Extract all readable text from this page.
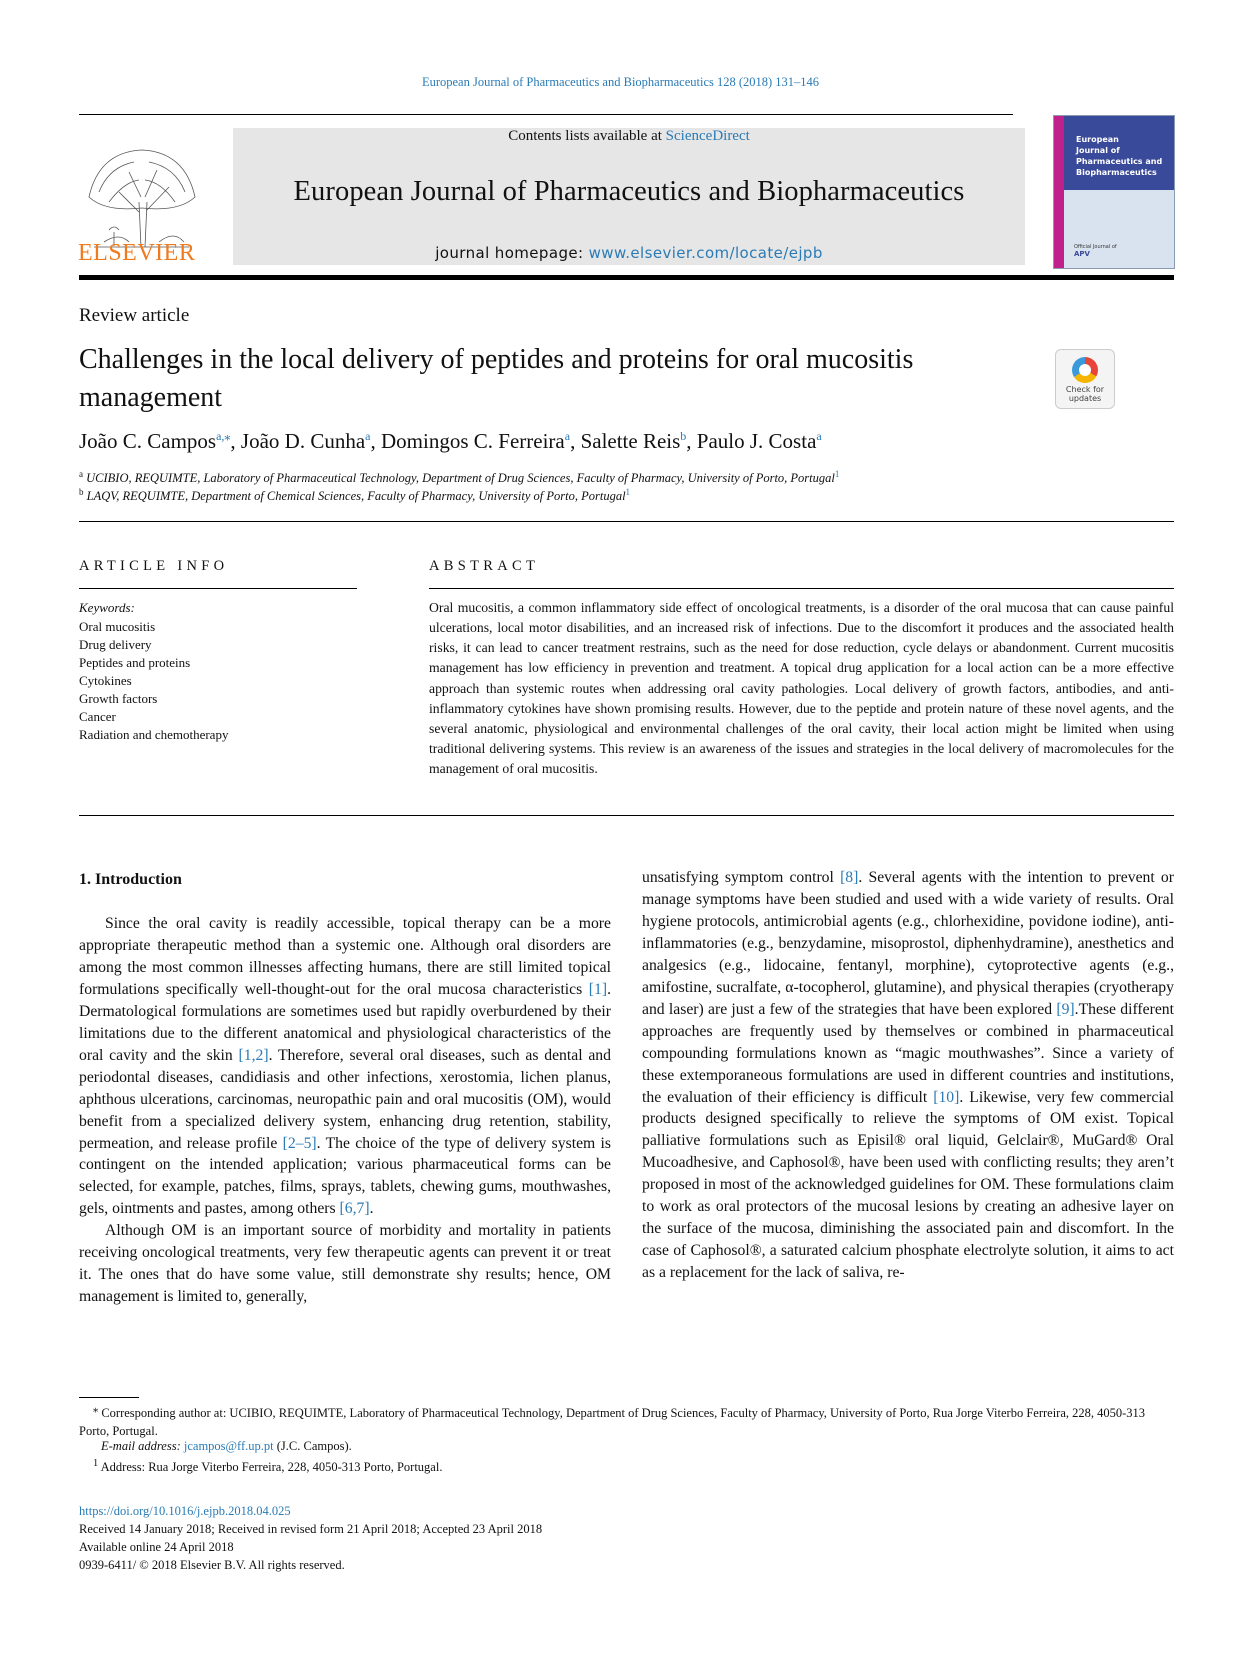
European Journal of Pharmaceutics and Biopharmaceutics 128 (2018) 131–146
ELSEVIER
Contents lists available at ScienceDirect
European Journal of Pharmaceutics and Biopharmaceutics
journal homepage: www.elsevier.com/locate/ejpb
European
Journal of
Pharmaceutics and
Biopharmaceutics
Official Journal of
APV
Review article
Challenges in the local delivery of peptides and proteins for oral mucositis management	Check for
updates
João C. Campos$^{a,⁎}$, João D. Cunha$^a$, Domingos C. Ferreira$^a$, Salette Reis$^b$, Paulo J. Costa$^a$
$^a$ UCIBIO, REQUIMTE, Laboratory of Pharmaceutical Technology, Department of Drug Sciences, Faculty of Pharmacy, University of Porto, Portugal$^1$
$^b$ LAQV, REQUIMTE, Department of Chemical Sciences, Faculty of Pharmacy, University of Porto, Portugal$^1$
ARTICLE INFO
Keywords:
Oral mucositis
Drug delivery
Peptides and proteins
Cytokines
Growth factors
Cancer
Radiation and chemotherapy
ABSTRACT
Oral mucositis, a common inflammatory side effect of oncological treatments, is a disorder of the oral mucosa that can cause painful ulcerations, local motor disabilities, and an increased risk of infections. Due to the discomfort it produces and the associated health risks, it can lead to cancer treatment restrains, such as the need for dose reduction, cycle delays or abandonment. Current mucositis management has low efficiency in prevention and treatment. A topical drug application for a local action can be a more effective approach than systemic routes when addressing oral cavity pathologies. Local delivery of growth factors, antibodies, and anti-inflammatory cytokines have shown promising results. However, due to the peptide and protein nature of these novel agents, and the several anatomic, physiological and environmental challenges of the oral cavity, their local action might be limited when using traditional delivering systems. This review is an awareness of the issues and strategies in the local delivery of macromolecules for the management of oral mucositis.
1. Introduction

Since the oral cavity is readily accessible, topical therapy can be a more appropriate therapeutic method than a systemic one. Although oral disorders are among the most common illnesses affecting humans, there are still limited topical formulations specifically well-thought-out for the oral mucosa characteristics [1]. Dermatological formulations are sometimes used but rapidly overburdened by their limitations due to the different anatomical and physiological characteristics of the oral cavity and the skin [1,2]. Therefore, several oral diseases, such as dental and periodontal diseases, candidiasis and other infections, xerostomia, lichen planus, aphthous ulcerations, carcinomas, neuropathic pain and oral mucositis (OM), would benefit from a specialized delivery system, enhancing drug retention, stability, permeation, and release profile [2–5]. The choice of the type of delivery system is contingent on the intended application; various pharmaceutical forms can be selected, for example, patches, films, sprays, tablets, chewing gums, mouthwashes, gels, ointments and pastes, among others [6,7].

Although OM is an important source of morbidity and mortality in patients receiving oncological treatments, very few therapeutic agents can prevent it or treat it. The ones that do have some value, still demonstrate shy results; hence, OM management is limited to, generally,

unsatisfying symptom control [8]. Several agents with the intention to prevent or manage symptoms have been studied and used with a wide variety of results. Oral hygiene protocols, antimicrobial agents (e.g., chlorhexidine, povidone iodine), anti-inflammatories (e.g., benzydamine, misoprostol, diphenhydramine), anesthetics and analgesics (e.g., lidocaine, fentanyl, morphine), cytoprotective agents (e.g., amifostine, sucralfate, α-tocopherol, glutamine), and physical therapies (cryotherapy and laser) are just a few of the strategies that have been explored [9].These different approaches are frequently used by themselves or combined in pharmaceutical compounding formulations known as “magic mouthwashes”. Since a variety of these extemporaneous formulations are used in different countries and institutions, the evaluation of their efficiency is difficult [10]. Likewise, very few commercial products designed specifically to relieve the symptoms of OM exist. Topical palliative formulations such as Episil® oral liquid, Gelclair®, MuGard® Oral Mucoadhesive, and Caphosol®, have been used with conflicting results; they aren’t proposed in most of the acknowledged guidelines for OM. These formulations claim to work as oral protectors of the mucosal lesions by creating an adhesive layer on the surface of the mucosa, diminishing the associated pain and discomfort. In the case of Caphosol®, a saturated calcium phosphate electrolyte solution, it aims to act as a replacement for the lack of saliva, re-

⁎ Corresponding author at: UCIBIO, REQUIMTE, Laboratory of Pharmaceutical Technology, Department of Drug Sciences, Faculty of Pharmacy, University of Porto, Rua Jorge Viterbo Ferreira, 228, 4050-313 Porto, Portugal.
E-mail address: jcampos@ff.up.pt (J.C. Campos).
$^1$ Address: Rua Jorge Viterbo Ferreira, 228, 4050-313 Porto, Portugal.
https://doi.org/10.1016/j.ejpb.2018.04.025
Received 14 January 2018; Received in revised form 21 April 2018; Accepted 23 April 2018
Available online 24 April 2018
0939-6411/ © 2018 Elsevier B.V. All rights reserved.
